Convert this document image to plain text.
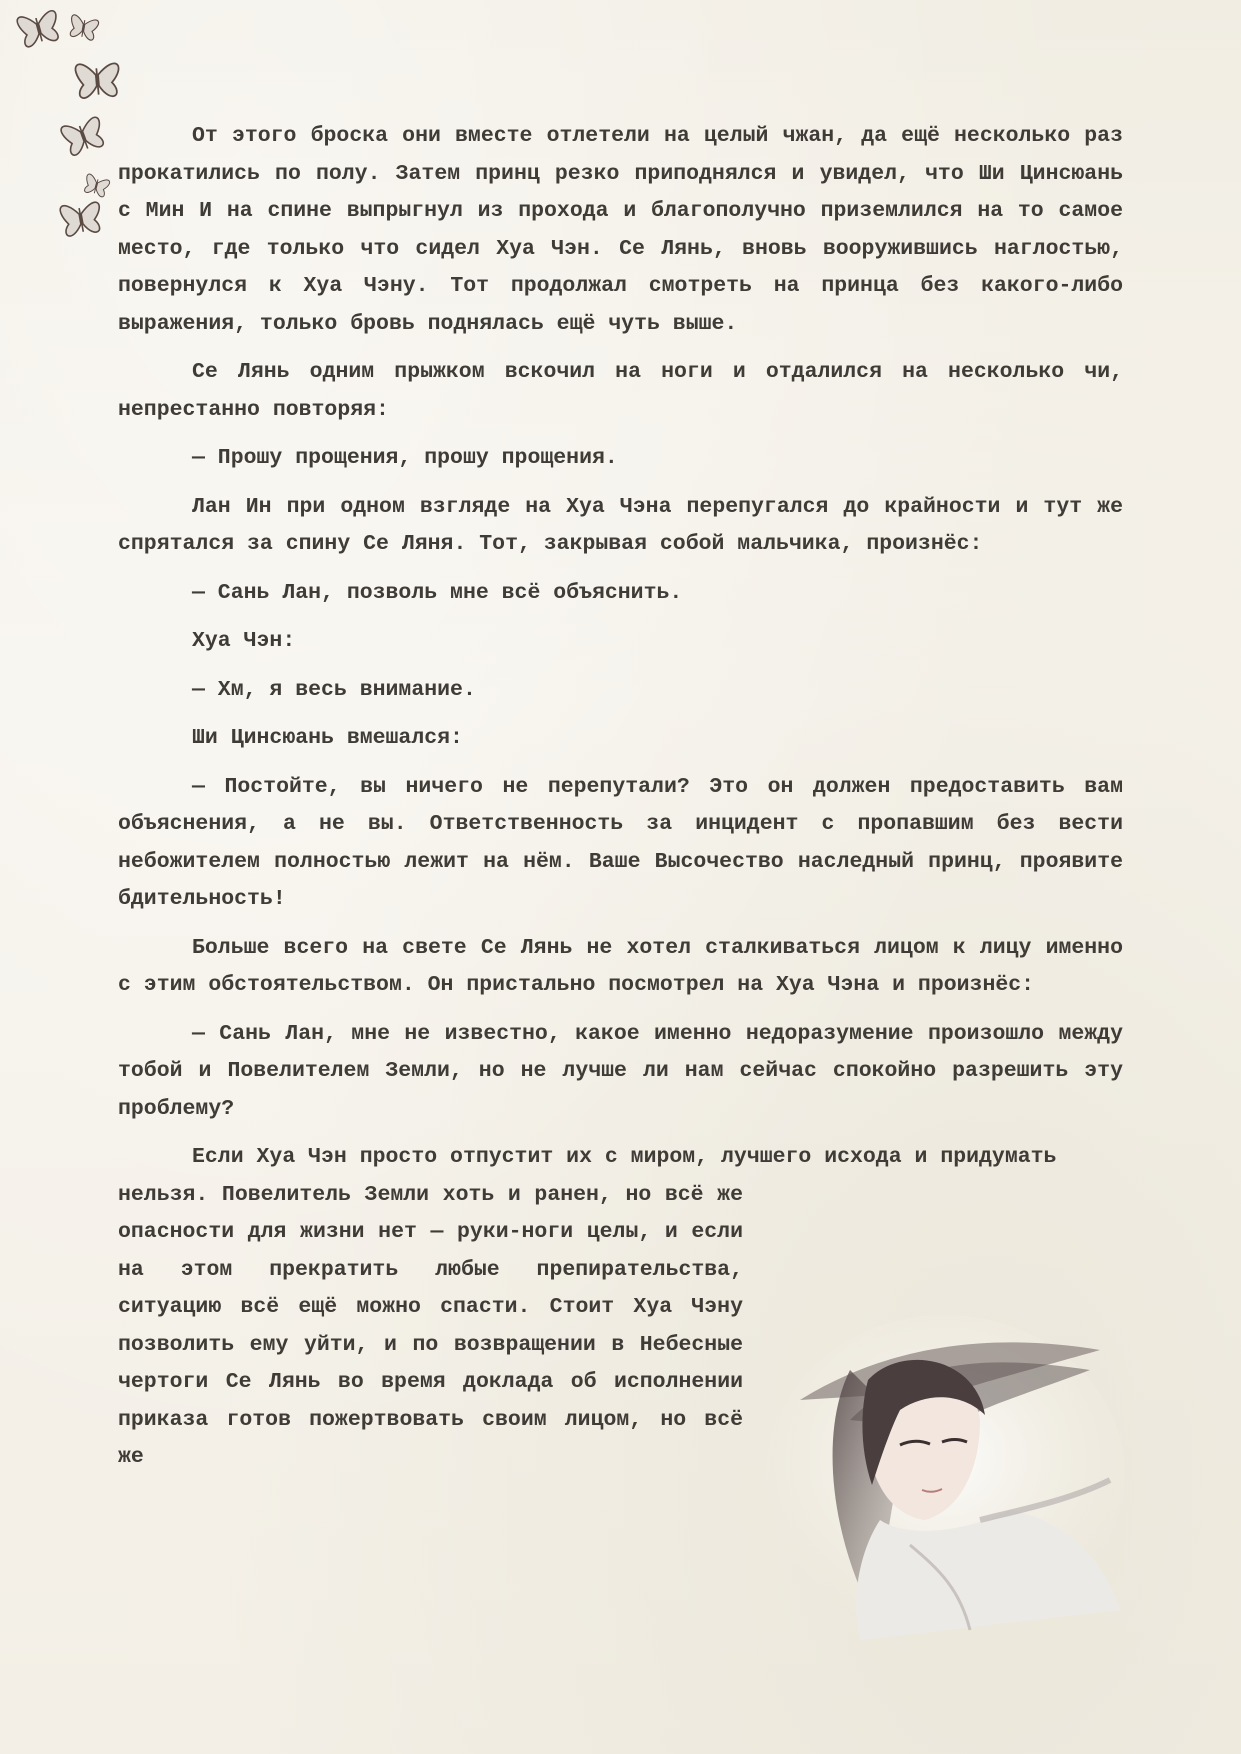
От этого броска они вместе отлетели на целый чжан, да ещё несколько раз прокатились по полу. Затем принц резко приподнялся и увидел, что Ши Цинсюань с Мин И на спине выпрыгнул из прохода и благополучно приземлился на то самое место, где только что сидел Хуа Чэн. Се Лянь, вновь вооружившись наглостью, повернулся к Хуа Чэну. Тот продолжал смотреть на принца без какого-либо выражения, только бровь поднялась ещё чуть выше.

Се Лянь одним прыжком вскочил на ноги и отдалился на несколько чи, непрестанно повторяя:

— Прошу прощения, прошу прощения.

Лан Ин при одном взгляде на Хуа Чэна перепугался до крайности и тут же спрятался за спину Се Ляня. Тот, закрывая собой мальчика, произнёс:

— Сань Лан, позволь мне всё объяснить.

Хуа Чэн:

— Хм, я весь внимание.

Ши Цинсюань вмешался:

— Постойте, вы ничего не перепутали? Это он должен предоставить вам объяснения, а не вы. Ответственность за инцидент с пропавшим без вести небожителем полностью лежит на нём. Ваше Высочество наследный принц, проявите бдительность!

Больше всего на свете Се Лянь не хотел сталкиваться лицом к лицу именно с этим обстоятельством. Он пристально посмотрел на Хуа Чэна и произнёс:

— Сань Лан, мне не известно, какое именно недоразумение произошло между тобой и Повелителем Земли, но не лучше ли нам сейчас спокойно разрешить эту проблему?

Если Хуа Чэн просто отпустит их с миром, лучшего исхода и придумать

нельзя. Повелитель Земли хоть и ранен, но всё же опасности для жизни нет — руки-ноги целы, и если на этом прекратить любые препирательства, ситуацию всё ещё можно спасти. Стоит Хуа Чэну позволить ему уйти, и по возвращении в Небесные чертоги Се Лянь во время доклада об исполнении приказа готов пожертвовать своим лицом, но всё же
